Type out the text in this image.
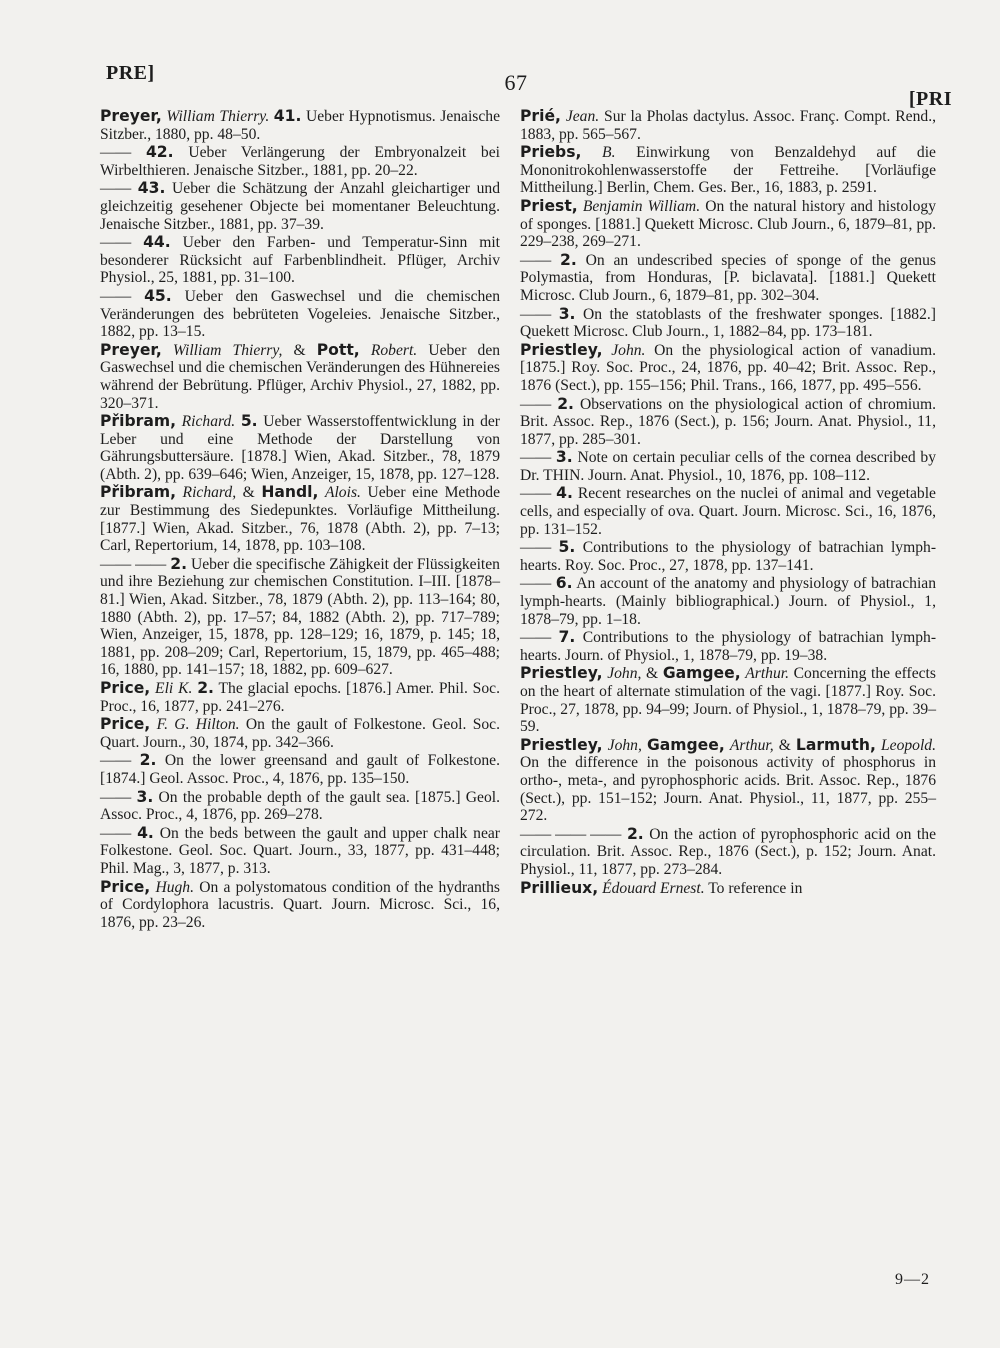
PRE]	67
[PRI

Preyer, William Thierry. 41. Ueber Hypnotismus. Jenaische Sitzber., 1880, pp. 48–50.

—— 42. Ueber Verlängerung der Embryonalzeit bei Wirbelthieren. Jenaische Sitzber., 1881, pp. 20–22.

—— 43. Ueber die Schätzung der Anzahl gleichartiger und gleichzeitig gesehener Objecte bei momentaner Beleuchtung. Jenaische Sitzber., 1881, pp. 37–39.

—— 44. Ueber den Farben- und Temperatur-Sinn mit besonderer Rücksicht auf Farbenblindheit. Pflüger, Archiv Physiol., 25, 1881, pp. 31–100.

—— 45. Ueber den Gaswechsel und die chemischen Veränderungen des bebrüteten Vogeleies. Jenaische Sitzber., 1882, pp. 13–15.

Preyer, William Thierry, & Pott, Robert. Ueber den Gaswechsel und die chemischen Veränderungen des Hühnereies während der Bebrütung. Pflüger, Archiv Physiol., 27, 1882, pp. 320–371.

Přibram, Richard. 5. Ueber Wasserstoffentwicklung in der Leber und eine Methode der Darstellung von Gährungsbuttersäure. [1878.] Wien, Akad. Sitzber., 78, 1879 (Abth. 2), pp. 639–646; Wien, Anzeiger, 15, 1878, pp. 127–128.

Přibram, Richard, & Handl, Alois. Ueber eine Methode zur Bestimmung des Siedepunktes. Vorläufige Mittheilung. [1877.] Wien, Akad. Sitzber., 76, 1878 (Abth. 2), pp. 7–13; Carl, Repertorium, 14, 1878, pp. 103–108.

—— —— 2. Ueber die specifische Zähigkeit der Flüssigkeiten und ihre Beziehung zur chemischen Constitution. I–III. [1878–81.] Wien, Akad. Sitzber., 78, 1879 (Abth. 2), pp. 113–164; 80, 1880 (Abth. 2), pp. 17–57; 84, 1882 (Abth. 2), pp. 717–789; Wien, Anzeiger, 15, 1878, pp. 128–129; 16, 1879, p. 145; 18, 1881, pp. 208–209; Carl, Repertorium, 15, 1879, pp. 465–488; 16, 1880, pp. 141–157; 18, 1882, pp. 609–627.

Price, Eli K. 2. The glacial epochs. [1876.] Amer. Phil. Soc. Proc., 16, 1877, pp. 241–276.

Price, F. G. Hilton. On the gault of Folkestone. Geol. Soc. Quart. Journ., 30, 1874, pp. 342–366.

—— 2. On the lower greensand and gault of Folkestone. [1874.] Geol. Assoc. Proc., 4, 1876, pp. 135–150.

—— 3. On the probable depth of the gault sea. [1875.] Geol. Assoc. Proc., 4, 1876, pp. 269–278.

—— 4. On the beds between the gault and upper chalk near Folkestone. Geol. Soc. Quart. Journ., 33, 1877, pp. 431–448; Phil. Mag., 3, 1877, p. 313.

Price, Hugh. On a polystomatous condition of the hydranths of Cordylophora lacustris. Quart. Journ. Microsc. Sci., 16, 1876, pp. 23–26.

Prié, Jean. Sur la Pholas dactylus. Assoc. Franç. Compt. Rend., 1883, pp. 565–567.

Priebs, B. Einwirkung von Benzaldehyd auf die Mononitrokohlenwasserstoffe der Fettreihe. [Vorläufige Mittheilung.] Berlin, Chem. Ges. Ber., 16, 1883, p. 2591.

Priest, Benjamin William. On the natural history and histology of sponges. [1881.] Quekett Microsc. Club Journ., 6, 1879–81, pp. 229–238, 269–271.

—— 2. On an undescribed species of sponge of the genus Polymastia, from Honduras, [P. biclavata]. [1881.] Quekett Microsc. Club Journ., 6, 1879–81, pp. 302–304.

—— 3. On the statoblasts of the freshwater sponges. [1882.] Quekett Microsc. Club Journ., 1, 1882–84, pp. 173–181.

Priestley, John. On the physiological action of vanadium. [1875.] Roy. Soc. Proc., 24, 1876, pp. 40–42; Brit. Assoc. Rep., 1876 (Sect.), pp. 155–156; Phil. Trans., 166, 1877, pp. 495–556.

—— 2. Observations on the physiological action of chromium. Brit. Assoc. Rep., 1876 (Sect.), p. 156; Journ. Anat. Physiol., 11, 1877, pp. 285–301.

—— 3. Note on certain peculiar cells of the cornea described by Dr. THIN. Journ. Anat. Physiol., 10, 1876, pp. 108–112.

—— 4. Recent researches on the nuclei of animal and vegetable cells, and especially of ova. Quart. Journ. Microsc. Sci., 16, 1876, pp. 131–152.

—— 5. Contributions to the physiology of batrachian lymph-hearts. Roy. Soc. Proc., 27, 1878, pp. 137–141.

—— 6. An account of the anatomy and physiology of batrachian lymph-hearts. (Mainly bibliographical.) Journ. of Physiol., 1, 1878–79, pp. 1–18.

—— 7. Contributions to the physiology of batrachian lymph-hearts. Journ. of Physiol., 1, 1878–79, pp. 19–38.

Priestley, John, & Gamgee, Arthur. Concerning the effects on the heart of alternate stimulation of the vagi. [1877.] Roy. Soc. Proc., 27, 1878, pp. 94–99; Journ. of Physiol., 1, 1878–79, pp. 39–59.

Priestley, John, Gamgee, Arthur, & Larmuth, Leopold. On the difference in the poisonous activity of phosphorus in ortho-, meta-, and pyrophosphoric acids. Brit. Assoc. Rep., 1876 (Sect.), pp. 151–152; Journ. Anat. Physiol., 11, 1877, pp. 255–272.

—— —— —— 2. On the action of pyrophosphoric acid on the circulation. Brit. Assoc. Rep., 1876 (Sect.), p. 152; Journ. Anat. Physiol., 11, 1877, pp. 273–284.

Prillieux, Édouard Ernest. To reference in

9—2
